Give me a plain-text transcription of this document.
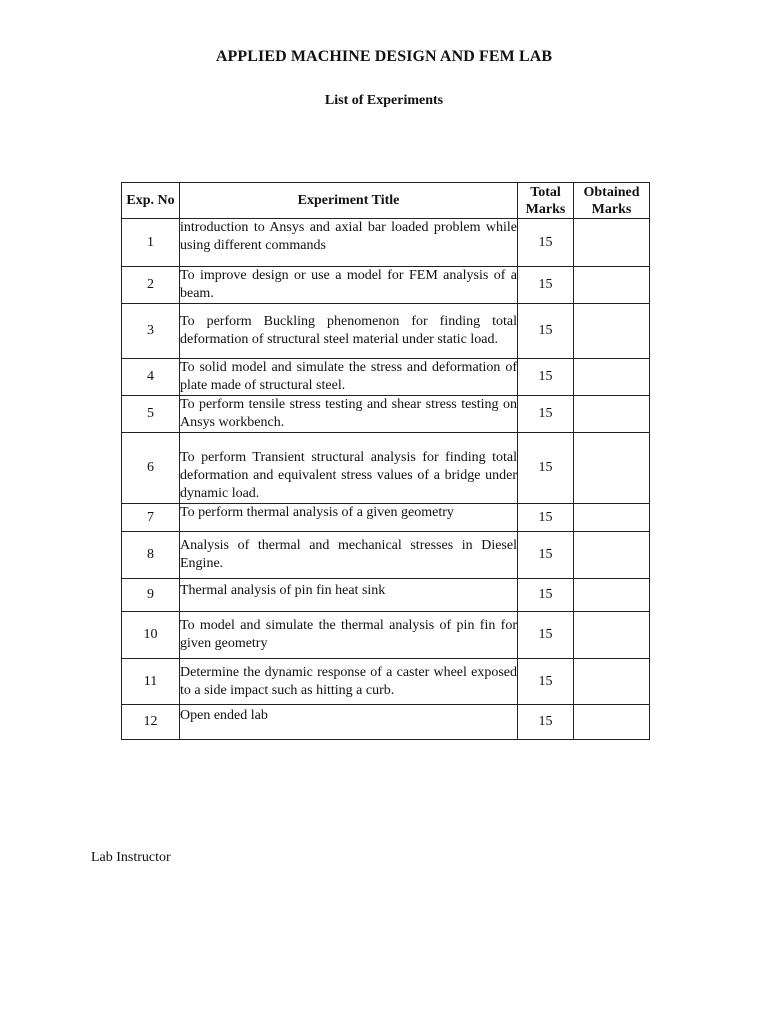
APPLIED MACHINE DESIGN AND FEM LAB
List of Experiments
Exp. No	Experiment Title	Total Marks	Obtained Marks
1	introduction to Ansys and axial bar loaded problem while using different commands	15	
2	To improve design or use a model for FEM analysis of a beam.	15	
3	To perform Buckling phenomenon for finding total deformation of structural steel material under static load.	15	
4	To solid model and simulate the stress and deformation of plate made of structural steel.	15	
5	To perform tensile stress testing and shear stress testing on Ansys workbench.	15	
6	To perform Transient structural analysis for finding total deformation and equivalent stress values of a bridge under dynamic load.	15	
7	To perform thermal analysis of a given geometry	15	
8	Analysis of thermal and mechanical stresses in Diesel Engine.	15	
9	Thermal analysis of pin fin heat sink	15	
10	To model and simulate the thermal analysis of pin fin for given geometry	15	
11	Determine the dynamic response of a caster wheel exposed to a side impact such as hitting a curb.	15	
12	Open ended lab	15	
Lab Instructor
